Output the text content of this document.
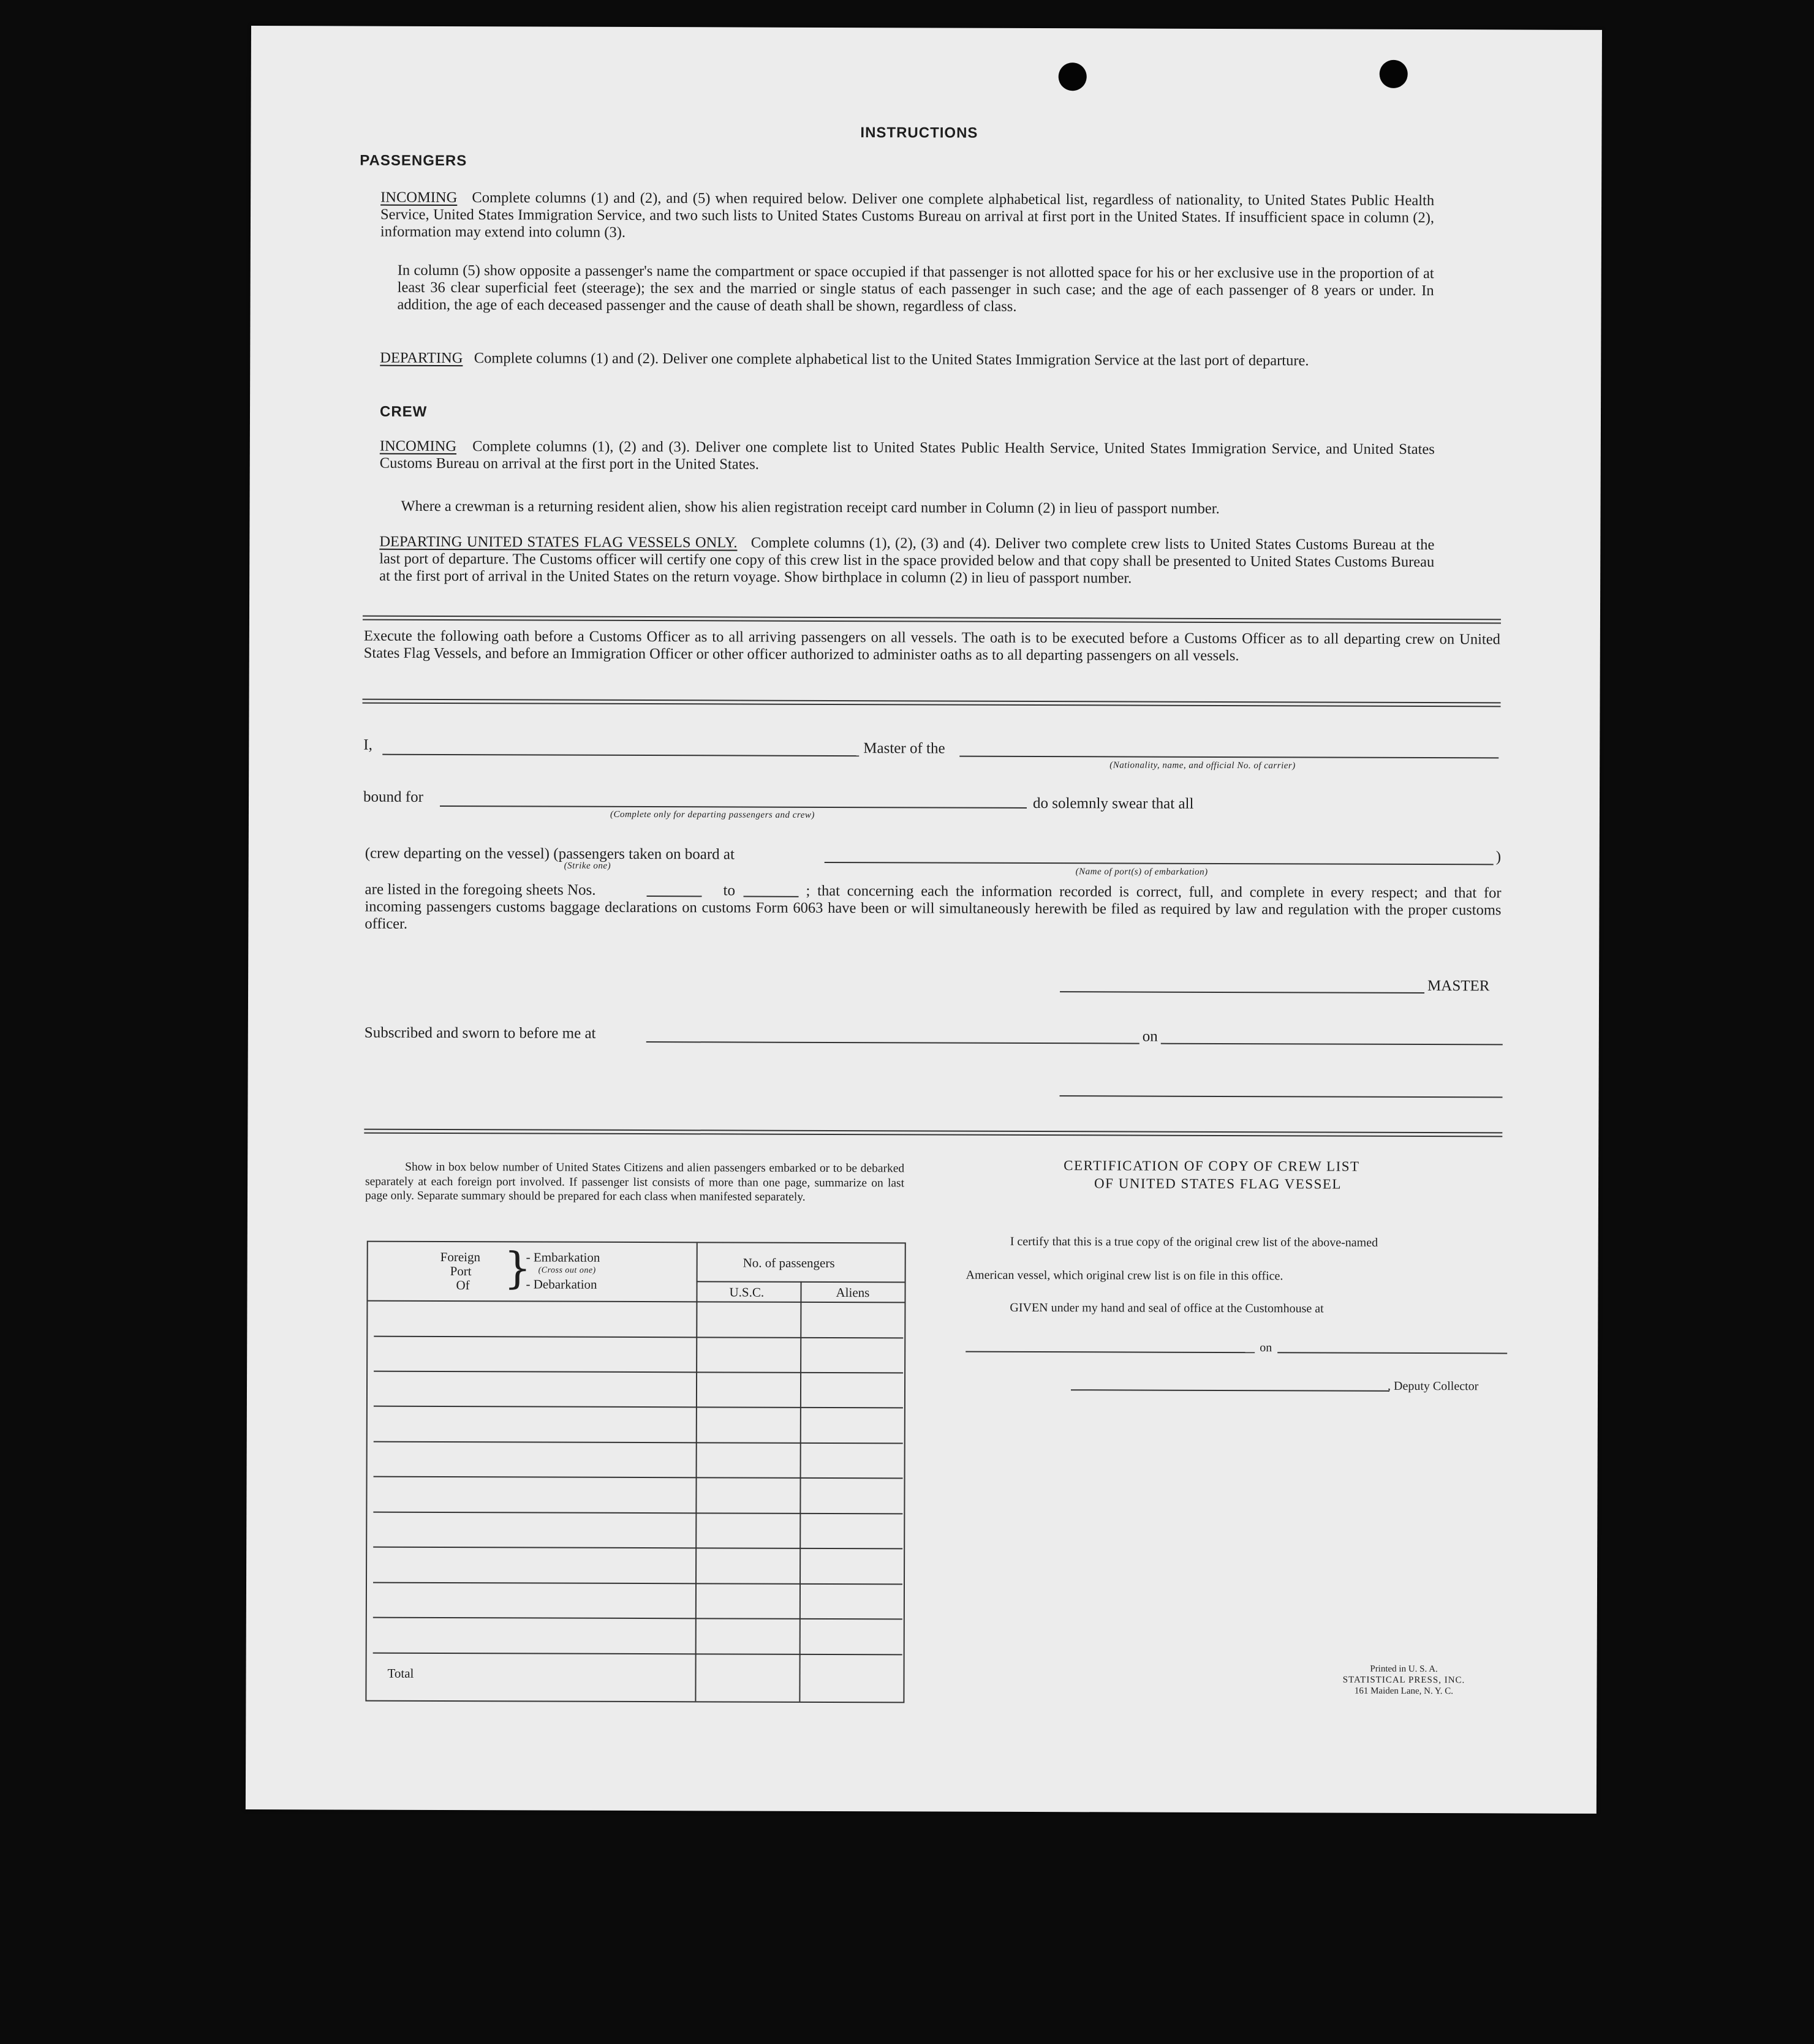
INSTRUCTIONS
PASSENGERS
INCOMING Complete columns (1) and (2), and (5) when required below. Deliver one complete alphabetical list, regardless of nationality, to United States Public Health Service, United States Immigration Service, and two such lists to United States Customs Bureau on arrival at first port in the United States. If insufficient space in column (2), information may extend into column (3).
In column (5) show opposite a passenger's name the compartment or space occupied if that passenger is not allotted space for his or her exclusive use in the proportion of at least 36 clear superficial feet (steerage); the sex and the married or single status of each passenger in such case; and the age of each passenger of 8 years or under. In addition, the age of each deceased passenger and the cause of death shall be shown, regardless of class.
DEPARTING Complete columns (1) and (2). Deliver one complete alphabetical list to the United States Immigration Service at the last port of departure.
CREW
INCOMING Complete columns (1), (2) and (3). Deliver one complete list to United States Public Health Service, United States Immigration Service, and United States Customs Bureau on arrival at the first port in the United States.
Where a crewman is a returning resident alien, show his alien registration receipt card number in Column (2) in lieu of passport number.
DEPARTING UNITED STATES FLAG VESSELS ONLY. Complete columns (1), (2), (3) and (4). Deliver two complete crew lists to United States Customs Bureau at the last port of departure. The Customs officer will certify one copy of this crew list in the space provided below and that copy shall be presented to United States Customs Bureau at the first port of arrival in the United States on the return voyage. Show birthplace in column (2) in lieu of passport number.
Execute the following oath before a Customs Officer as to all arriving passengers on all vessels. The oath is to be executed before a Customs Officer as to all departing crew on United States Flag Vessels, and before an Immigration Officer or other officer authorized to administer oaths as to all departing passengers on all vessels.
I,	Master of the
(Nationality, name, and official No. of carrier)
bound for
(Complete only for departing passengers and crew)
do solemnly swear that all
(crew departing on the vessel) (passengers taken on board at
(Strike one)
(Name of port(s) of embarkation)
)
are listed in the foregoing sheets Nos.	to	; that concerning each the information recorded is correct, full, and complete in every respect; and that for incoming passengers customs baggage declarations on customs Form 6063 have been or will simultaneously herewith be filed as required by law and regulation with the proper customs officer.
MASTER
Subscribed and sworn to before me at	on
Show in box below number of United States Citizens and alien passengers embarked or to be debarked separately at each foreign port involved. If passenger list consists of more than one page, summarize on last page only. Separate summary should be prepared for each class when manifested separately.
Foreign
Port
Of }
- Embarkation
(Cross out one)
- Debarkation
No. of passengers
U.S.C.	Aliens
Total
CERTIFICATION OF COPY OF CREW LIST
OF UNITED STATES FLAG VESSEL
I certify that this is a true copy of the original crew list of the above-named
American vessel, which original crew list is on file in this office.
GIVEN under my hand and seal of office at the Customhouse at
on
, Deputy Collector
Printed in U. S. A.
STATISTICAL PRESS, INC.
161 Maiden Lane, N. Y. C.
